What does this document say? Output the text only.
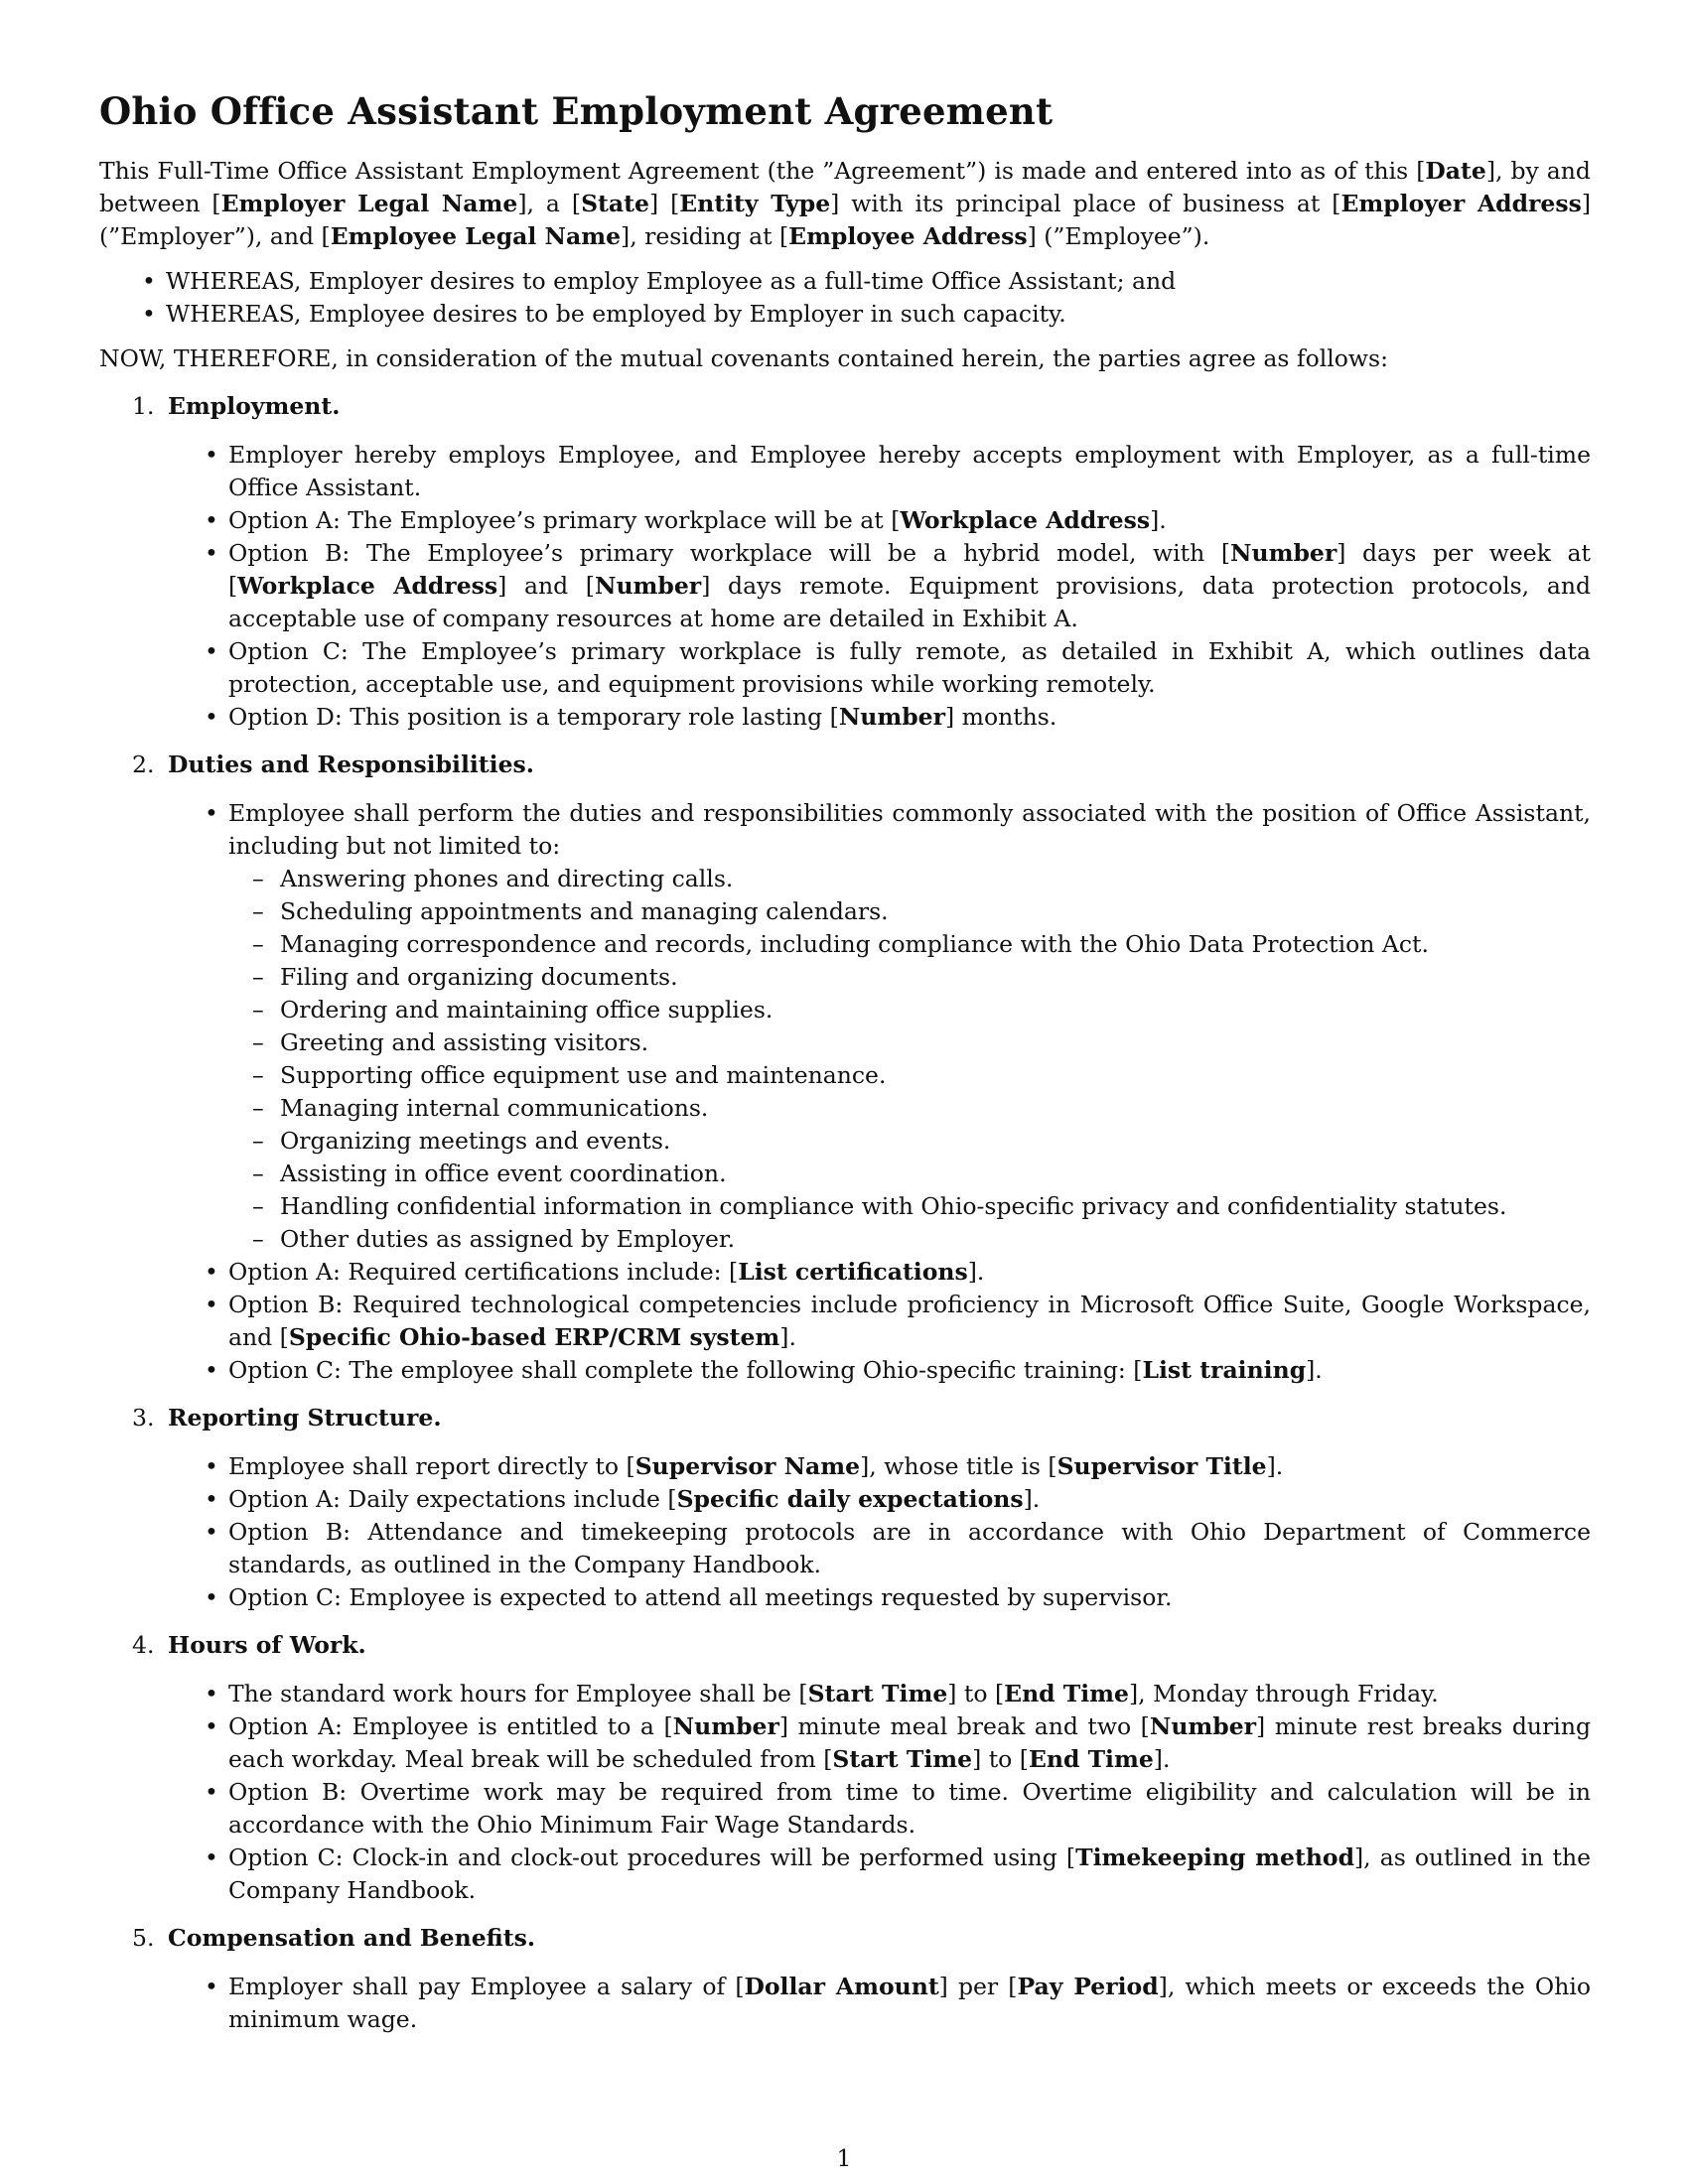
Ohio Office Assistant Employment Agreement

This Full-Time Office Assistant Employment Agreement (the ”Agreement”) is made and entered into as of this [Date], by and between [Employer Legal Name], a [State] [Entity Type] with its principal place of business at [Employer Address] (”Employer”), and [Employee Legal Name], residing at [Employee Address] (”Employee”).

• WHEREAS, Employer desires to employ Employee as a full-time Office Assistant; and
• WHEREAS, Employee desires to be employed by Employer in such capacity.

NOW, THEREFORE, in consideration of the mutual covenants contained herein, the parties agree as follows:

1. Employment.
• Employer hereby employs Employee, and Employee hereby accepts employment with Employer, as a full-time Office Assistant.
• Option A: The Employee’s primary workplace will be at [Workplace Address].
• Option B: The Employee’s primary workplace will be a hybrid model, with [Number] days per week at [Workplace Address] and [Number] days remote. Equipment provisions, data protection protocols, and acceptable use of company resources at home are detailed in Exhibit A.
• Option C: The Employee’s primary workplace is fully remote, as detailed in Exhibit A, which outlines data protection, acceptable use, and equipment provisions while working remotely.
• Option D: This position is a temporary role lasting [Number] months.
2. Duties and Responsibilities.
• Employee shall perform the duties and responsibilities commonly associated with the position of Office Assistant, including but not limited to:
– Answering phones and directing calls.
– Scheduling appointments and managing calendars.
– Managing correspondence and records, including compliance with the Ohio Data Protection Act.
– Filing and organizing documents.
– Ordering and maintaining office supplies.
– Greeting and assisting visitors.
– Supporting office equipment use and maintenance.
– Managing internal communications.
– Organizing meetings and events.
– Assisting in office event coordination.
– Handling confidential information in compliance with Ohio-specific privacy and confidentiality statutes.
– Other duties as assigned by Employer.
• Option A: Required certifications include: [List certifications].
• Option B: Required technological competencies include proficiency in Microsoft Office Suite, Google Workspace, and [Specific Ohio-based ERP/CRM system].
• Option C: The employee shall complete the following Ohio-specific training: [List training].
3. Reporting Structure.
• Employee shall report directly to [Supervisor Name], whose title is [Supervisor Title].
• Option A: Daily expectations include [Specific daily expectations].
• Option B: Attendance and timekeeping protocols are in accordance with Ohio Department of Commerce standards, as outlined in the Company Handbook.
• Option C: Employee is expected to attend all meetings requested by supervisor.
4. Hours of Work.
• The standard work hours for Employee shall be [Start Time] to [End Time], Monday through Friday.
• Option A: Employee is entitled to a [Number] minute meal break and two [Number] minute rest breaks during each workday. Meal break will be scheduled from [Start Time] to [End Time].
• Option B: Overtime work may be required from time to time. Overtime eligibility and calculation will be in accordance with the Ohio Minimum Fair Wage Standards.
• Option C: Clock-in and clock-out procedures will be performed using [Timekeeping method], as outlined in the Company Handbook.
5. Compensation and Benefits.
• Employer shall pay Employee a salary of [Dollar Amount] per [Pay Period], which meets or exceeds the Ohio minimum wage.
1
